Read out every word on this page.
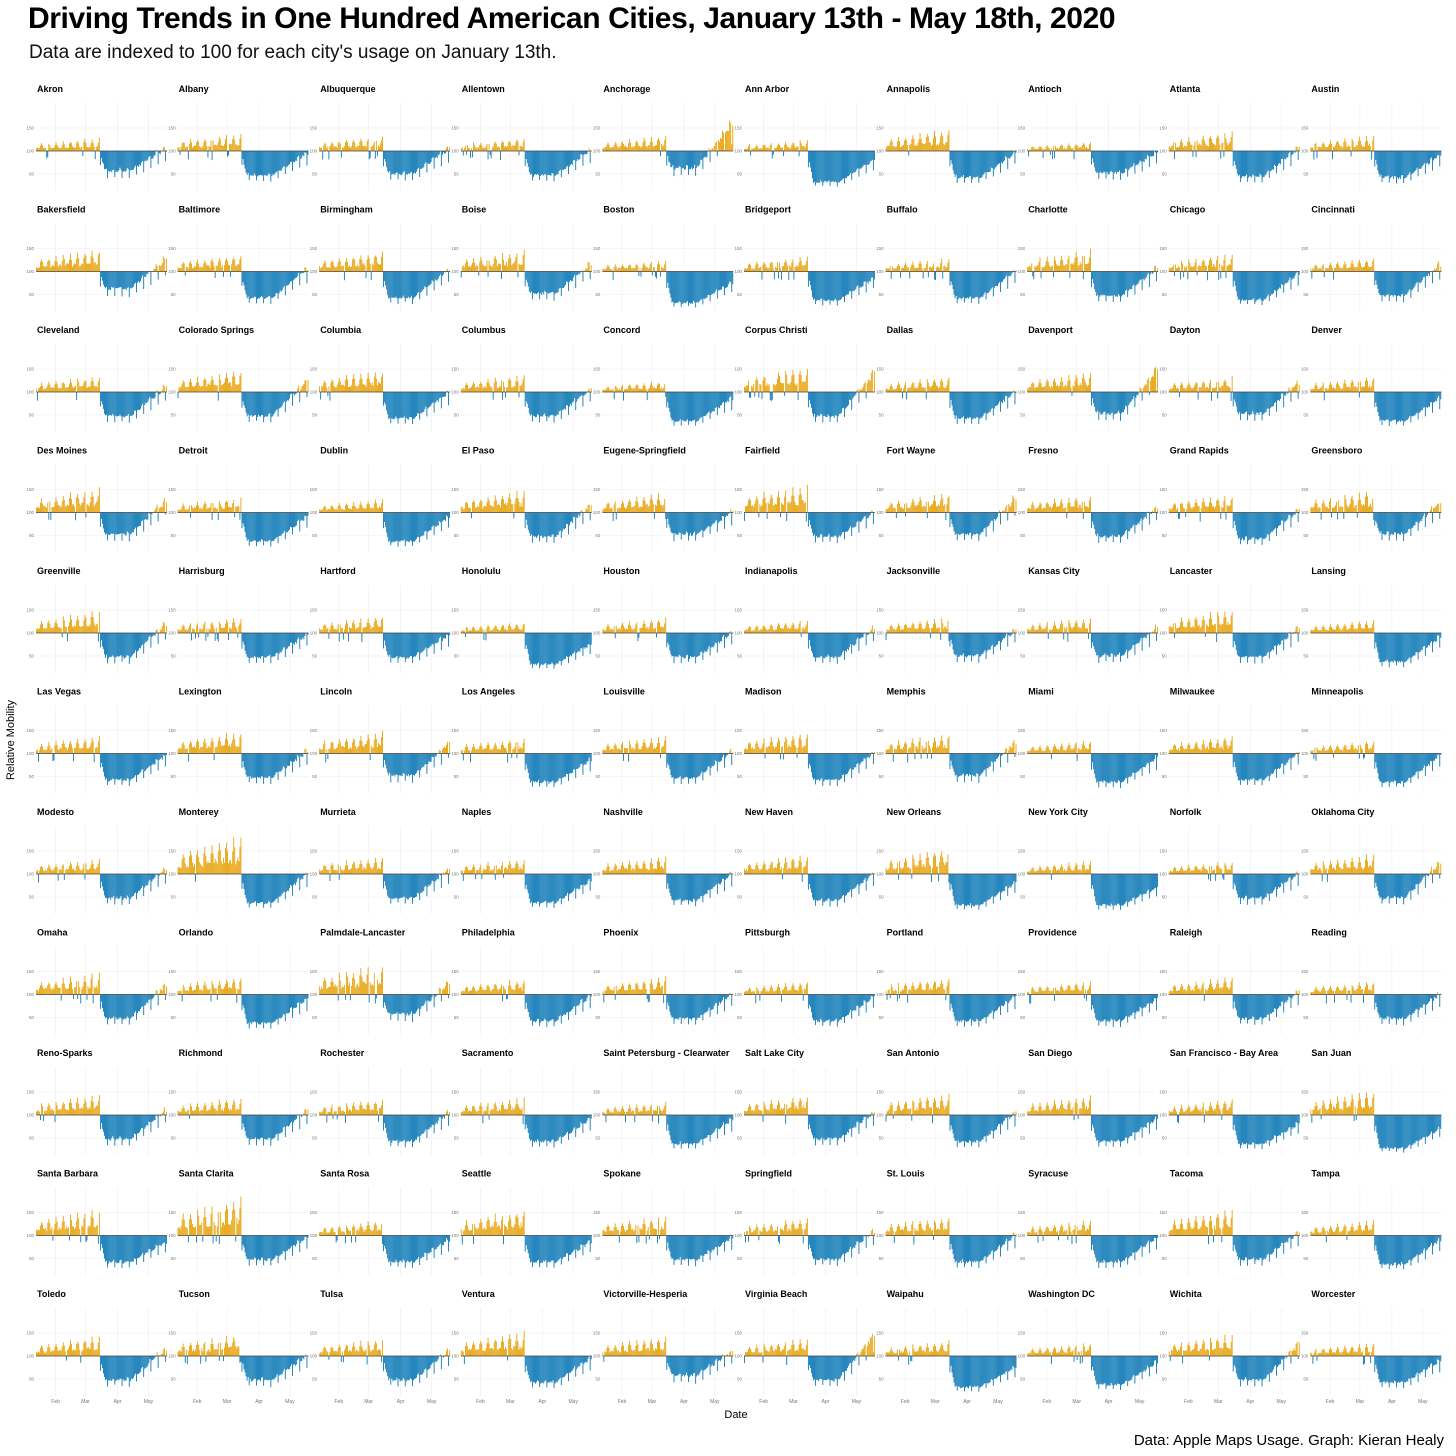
Driving Trends in One Hundred American Cities, January 13th - May 18th, 2020
Data are indexed to 100 for each city's usage on January 13th.
Akron
50
100
150
Albany
50
100
150
Albuquerque
50
100
150
Allentown
50
100
150
Anchorage
50
100
150
Ann Arbor
50
100
150
Annapolis
50
100
150
Antioch
50
100
150
Atlanta
50
100
150
Austin
50
100
150
Bakersfield
50
100
150
Baltimore
50
100
150
Birmingham
50
100
150
Boise
50
100
150
Boston
50
100
150
Bridgeport
50
100
150
Buffalo
50
100
150
Charlotte
50
100
150
Chicago
50
100
150
Cincinnati
50
100
150
Cleveland
50
100
150
Colorado Springs
50
100
150
Columbia
50
100
150
Columbus
50
100
150
Concord
50
100
150
Corpus Christi
50
100
150
Dallas
50
100
150
Davenport
50
100
150
Dayton
50
100
150
Denver
50
100
150
Des Moines
50
100
150
Detroit
50
100
150
Dublin
50
100
150
El Paso
50
100
150
Eugene-Springfield
50
100
150
Fairfield
50
100
150
Fort Wayne
50
100
150
Fresno
50
100
150
Grand Rapids
50
100
150
Greensboro
50
100
150
Greenville
50
100
150
Harrisburg
50
100
150
Hartford
50
100
150
Honolulu
50
100
150
Houston
50
100
150
Indianapolis
50
100
150
Jacksonville
50
100
150
Kansas City
50
100
150
Lancaster
50
100
150
Lansing
50
100
150
Las Vegas
50
100
150
Lexington
50
100
150
Lincoln
50
100
150
Los Angeles
50
100
150
Louisville
50
100
150
Madison
50
100
150
Memphis
50
100
150
Miami
50
100
150
Milwaukee
50
100
150
Minneapolis
50
100
150
Modesto
50
100
150
Monterey
50
100
150
Murrieta
50
100
150
Naples
50
100
150
Nashville
50
100
150
New Haven
50
100
150
New Orleans
50
100
150
New York City
50
100
150
Norfolk
50
100
150
Oklahoma City
50
100
150
Omaha
50
100
150
Orlando
50
100
150
Palmdale-Lancaster
50
100
150
Philadelphia
50
100
150
Phoenix
50
100
150
Pittsburgh
50
100
150
Portland
50
100
150
Providence
50
100
150
Raleigh
50
100
150
Reading
50
100
150
Reno-Sparks
50
100
150
Richmond
50
100
150
Rochester
50
100
150
Sacramento
50
100
150
Saint Petersburg - Clearwater
50
100
150
Salt Lake City
50
100
150
San Antonio
50
100
150
San Diego
50
100
150
San Francisco - Bay Area
50
100
150
San Juan
50
100
150
Santa Barbara
50
100
150
Santa Clarita
50
100
150
Santa Rosa
50
100
150
Seattle
50
100
150
Spokane
50
100
150
Springfield
50
100
150
St. Louis
50
100
150
Syracuse
50
100
150
Tacoma
50
100
150
Tampa
50
100
150
Toledo
50
100
150
Feb	Mar	Apr	May
Tucson
50
100
150
Feb	Mar	Apr	May
Tulsa
50
100
150
Feb	Mar	Apr	May
Ventura
50
100
150
Feb	Mar	Apr	May
Victorville-Hesperia
50
100
150
Feb	Mar	Apr	May
Virginia Beach
50
100
150
Feb	Mar	Apr	May
Waipahu
50
100
150
Feb	Mar	Apr	May
Washington DC
50
100
150
Feb	Mar	Apr	May
Wichita
50
100
150
Feb	Mar	Apr	May
Worcester
50
100
150
Feb	Mar	Apr	May
Relative Mobility
Date
Data: Apple Maps Usage. Graph: Kieran Healy
